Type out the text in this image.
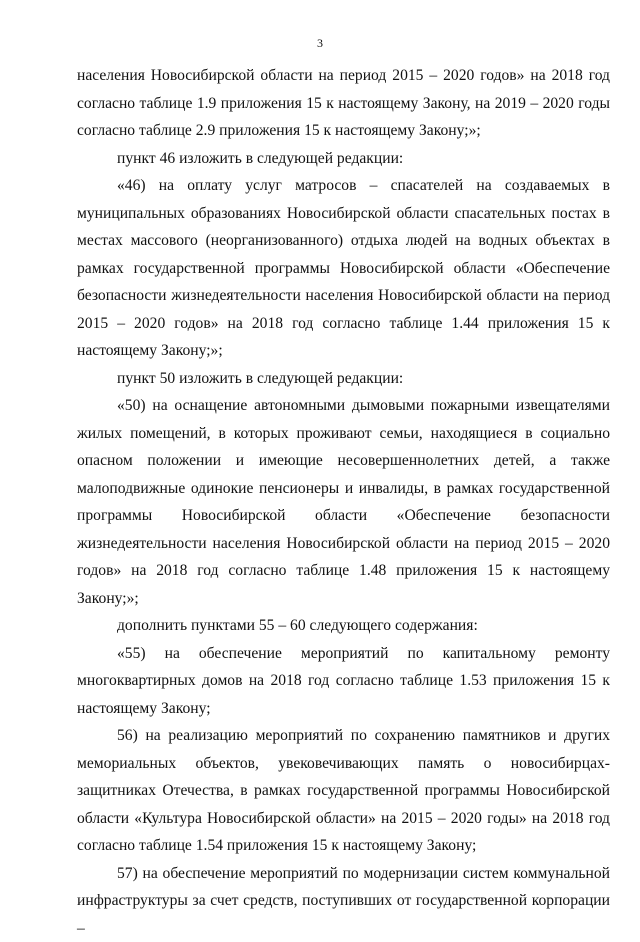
3

населения Новосибирской области на период 2015 – 2020 годов» на 2018 год согласно таблице 1.9 приложения 15 к настоящему Закону, на 2019 – 2020 годы согласно таблице 2.9 приложения 15 к настоящему Закону;»;

пункт 46 изложить в следующей редакции:

«46) на оплату услуг матросов – спасателей на создаваемых в муниципальных образованиях Новосибирской области спасательных постах в местах массового (неорганизованного) отдыха людей на водных объектах в рамках государственной программы Новосибирской области «Обеспечение безопасности жизнедеятельности населения Новосибирской области на период 2015 – 2020 годов» на 2018 год согласно таблице 1.44 приложения 15 к настоящему Закону;»;

пункт 50 изложить в следующей редакции:

«50) на оснащение автономными дымовыми пожарными извещателями жилых помещений, в которых проживают семьи, находящиеся в социально опасном положении и имеющие несовершеннолетних детей, а также малоподвижные одинокие пенсионеры и инвалиды, в рамках государственной программы Новосибирской области «Обеспечение безопасности жизнедеятельности населения Новосибирской области на период 2015 – 2020 годов» на 2018 год согласно таблице 1.48 приложения 15 к настоящему Закону;»;

дополнить пунктами 55 – 60 следующего содержания:

«55) на обеспечение мероприятий по капитальному ремонту многоквартирных домов на 2018 год согласно таблице 1.53 приложения 15 к настоящему Закону;

56) на реализацию мероприятий по сохранению памятников и других мемориальных объектов, увековечивающих память о новосибирцах-защитниках Отечества, в рамках государственной программы Новосибирской области «Культура Новосибирской области» на 2015 – 2020 годы» на 2018 год согласно таблице 1.54 приложения 15 к настоящему Закону;

57) на обеспечение мероприятий по модернизации систем коммунальной инфраструктуры за счет средств, поступивших от государственной корпорации –
